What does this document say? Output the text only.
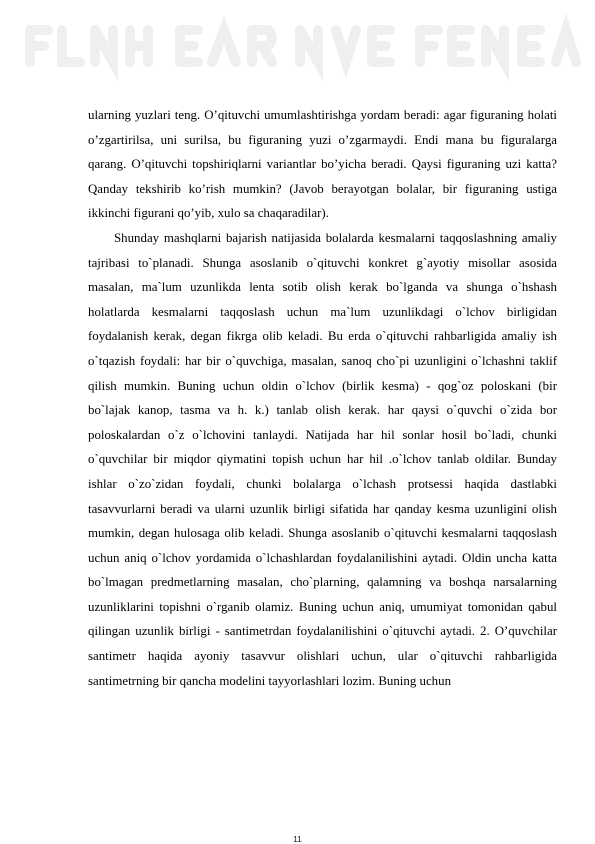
ularning yuzlari teng. O’qituvchi umumlashtirishga yordam beradi: agar figuraning holati o’zgartirilsa, uni surilsa, bu figuraning yuzi o’zgarmaydi. Endi mana bu figuralarga qarang. O’qituvchi topshiriqlarni variantlar bo’yicha beradi. Qaysi figuraning uzi katta? Qanday tekshirib ko’rish mumkin? (Javob berayotgan bolalar, bir figuraning ustiga ikkinchi figurani qo’yib, xulo sa chaqaradilar).

Shunday mashqlarni bajarish natijasida bolalarda kesmalarni taqqoslashning amaliy tajribasi to`planadi. Shunga asoslanib o`qituvchi konkret g`ayotiy misollar asosida masalan, ma`lum uzunlikda lenta sotib olish kerak bo`lganda va shunga o`hshash holatlarda kesmalarni taqqoslash uchun ma`lum uzunlikdagi o`lchov birligidan foydalanish kerak, degan fikrga olib keladi. Bu erda o`qituvchi rahbarligida amaliy ish o`tqazish foydali: har bir o`quvchiga, masalan, sanoq cho`pi uzunligini o`lchashni taklif qilish mumkin. Buning uchun oldin o`lchov (birlik kesma) - qog`oz poloskani (bir bo`lajak kanop, tasma va h. k.) tanlab olish kerak. har qaysi o`quvchi o`zida bor poloskalardan o`z o`lchovini tanlaydi. Natijada har hil sonlar hosil bo`ladi, chunki o`quvchilar bir miqdor qiymatini topish uchun har hil .o`lchov tanlab oldilar. Bunday ishlar o`zo`zidan foydali, chunki bolalarga o`lchash protsessi haqida dastlabki tasavvurlarni beradi va ularni uzunlik birligi sifatida har qanday kesma uzunligini olish mumkin, degan hulosaga olib keladi. Shunga asoslanib o`qituvchi kesmalarni taqqoslash uchun aniq o`lchov yordamida o`lchashlardan foydalanilishini aytadi. Oldin uncha katta bo`lmagan predmetlarning masalan, cho`plarning, qalamning va boshqa narsalarning uzunliklarini topishni o`rganib olamiz. Buning uchun aniq, umumiyat tomonidan qabul qilingan uzunlik birligi - santimetrdan foydalanilishini o`qituvchi aytadi. 2. O’quvchilar santimetr haqida ayoniy tasavvur olishlari uchun, ular o`qituvchi rahbarligida santimetrning bir qancha modelini tayyorlashlari lozim. Buning uchun

11
